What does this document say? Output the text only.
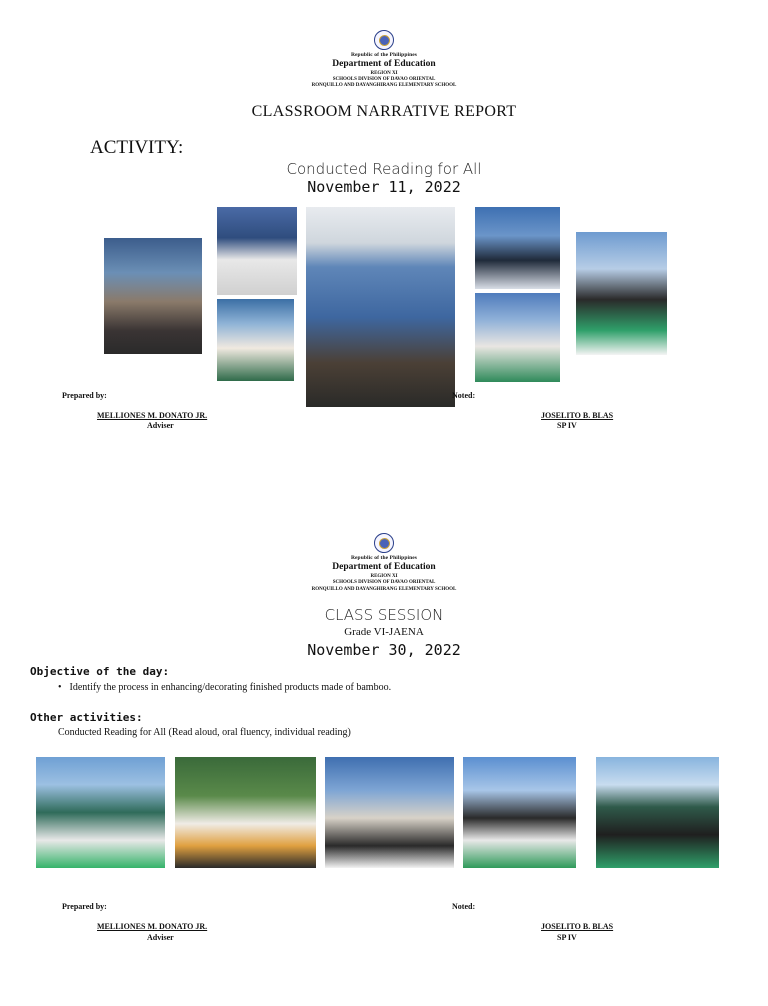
Republic of the Philippines
Department of Education
REGION XI
SCHOOLS DIVISION OF DAVAO ORIENTAL
RONQUILLO AND DAYANGHIRANG ELEMENTARY SCHOOL
CLASSROOM NARRATIVE REPORT
ACTIVITY:
Conducted Reading for All
November 11, 2022
Prepared by:	Noted:
MELLIONES M. DONATO JR.
Adviser
JOSELITO B. BLAS
SP IV
Republic of the Philippines
Department of Education
REGION XI
SCHOOLS DIVISION OF DAVAO ORIENTAL
RONQUILLO AND DAYANGHIRANG ELEMENTARY SCHOOL
CLASS SESSION
Grade VI-JAENA
November 30, 2022
Objective of the day:
• Identify the process in enhancing/decorating finished products made of bamboo.
Other activities:
Conducted Reading for All (Read aloud, oral fluency, individual reading)
Prepared by:	Noted:
MELLIONES M. DONATO JR.
Adviser
JOSELITO B. BLAS
SP IV
